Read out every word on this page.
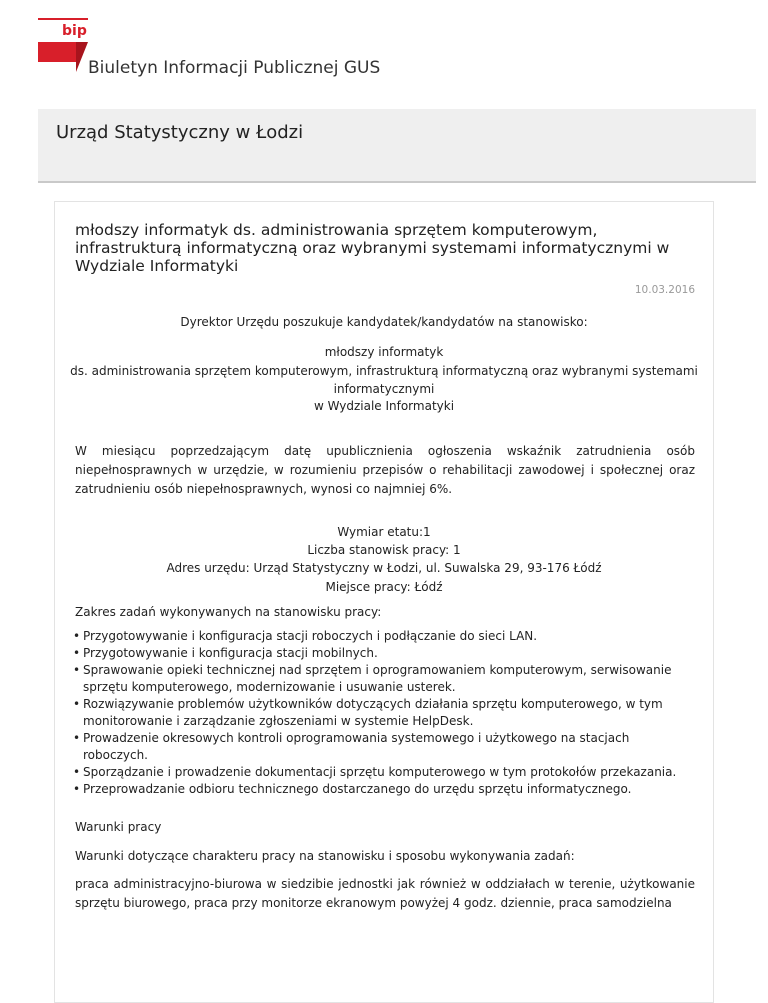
bip
Biuletyn Informacji Publicznej GUS
Urząd Statystyczny w Łodzi
młodszy informatyk ds. administrowania sprzętem komputerowym, infrastrukturą informatyczną oraz wybranymi systemami informatycznymi w Wydziale Informatyki
10.03.2016
Dyrektor Urzędu poszukuje kandydatek/kandydatów na stanowisko:
młodszy informatyk
ds. administrowania sprzętem komputerowym, infrastrukturą informatyczną oraz wybranymi systemami
informatycznymi
w Wydziale Informatyki
W miesiącu poprzedzającym datę upublicznienia ogłoszenia wskaźnik zatrudnienia osób niepełnosprawnych w urzędzie, w rozumieniu przepisów o rehabilitacji zawodowej i społecznej oraz zatrudnieniu osób niepełnosprawnych, wynosi co najmniej 6%.
Wymiar etatu:1
Liczba stanowisk pracy: 1
Adres urzędu: Urząd Statystyczny w Łodzi, ul. Suwalska 29, 93-176 Łódź
Miejsce pracy: Łódź
Zakres zadań wykonywanych na stanowisku pracy:
• Przygotowywanie i konfiguracja stacji roboczych i podłączanie do sieci LAN.
• Przygotowywanie i konfiguracja stacji mobilnych.
• Sprawowanie opieki technicznej nad sprzętem i oprogramowaniem komputerowym, serwisowanie sprzętu komputerowego, modernizowanie i usuwanie usterek.
• Rozwiązywanie problemów użytkowników dotyczących działania sprzętu komputerowego, w tym monitorowanie i zarządzanie zgłoszeniami w systemie HelpDesk.
• Prowadzenie okresowych kontroli oprogramowania systemowego i użytkowego na stacjach roboczych.
• Sporządzanie i prowadzenie dokumentacji sprzętu komputerowego w tym protokołów przekazania.
• Przeprowadzanie odbioru technicznego dostarczanego do urzędu sprzętu informatycznego.
Warunki pracy
Warunki dotyczące charakteru pracy na stanowisku i sposobu wykonywania zadań:
praca administracyjno-biurowa w siedzibie jednostki jak również w oddziałach w terenie, użytkowanie sprzętu biurowego, praca przy monitorze ekranowym powyżej 4 godz. dziennie, praca samodzielna
